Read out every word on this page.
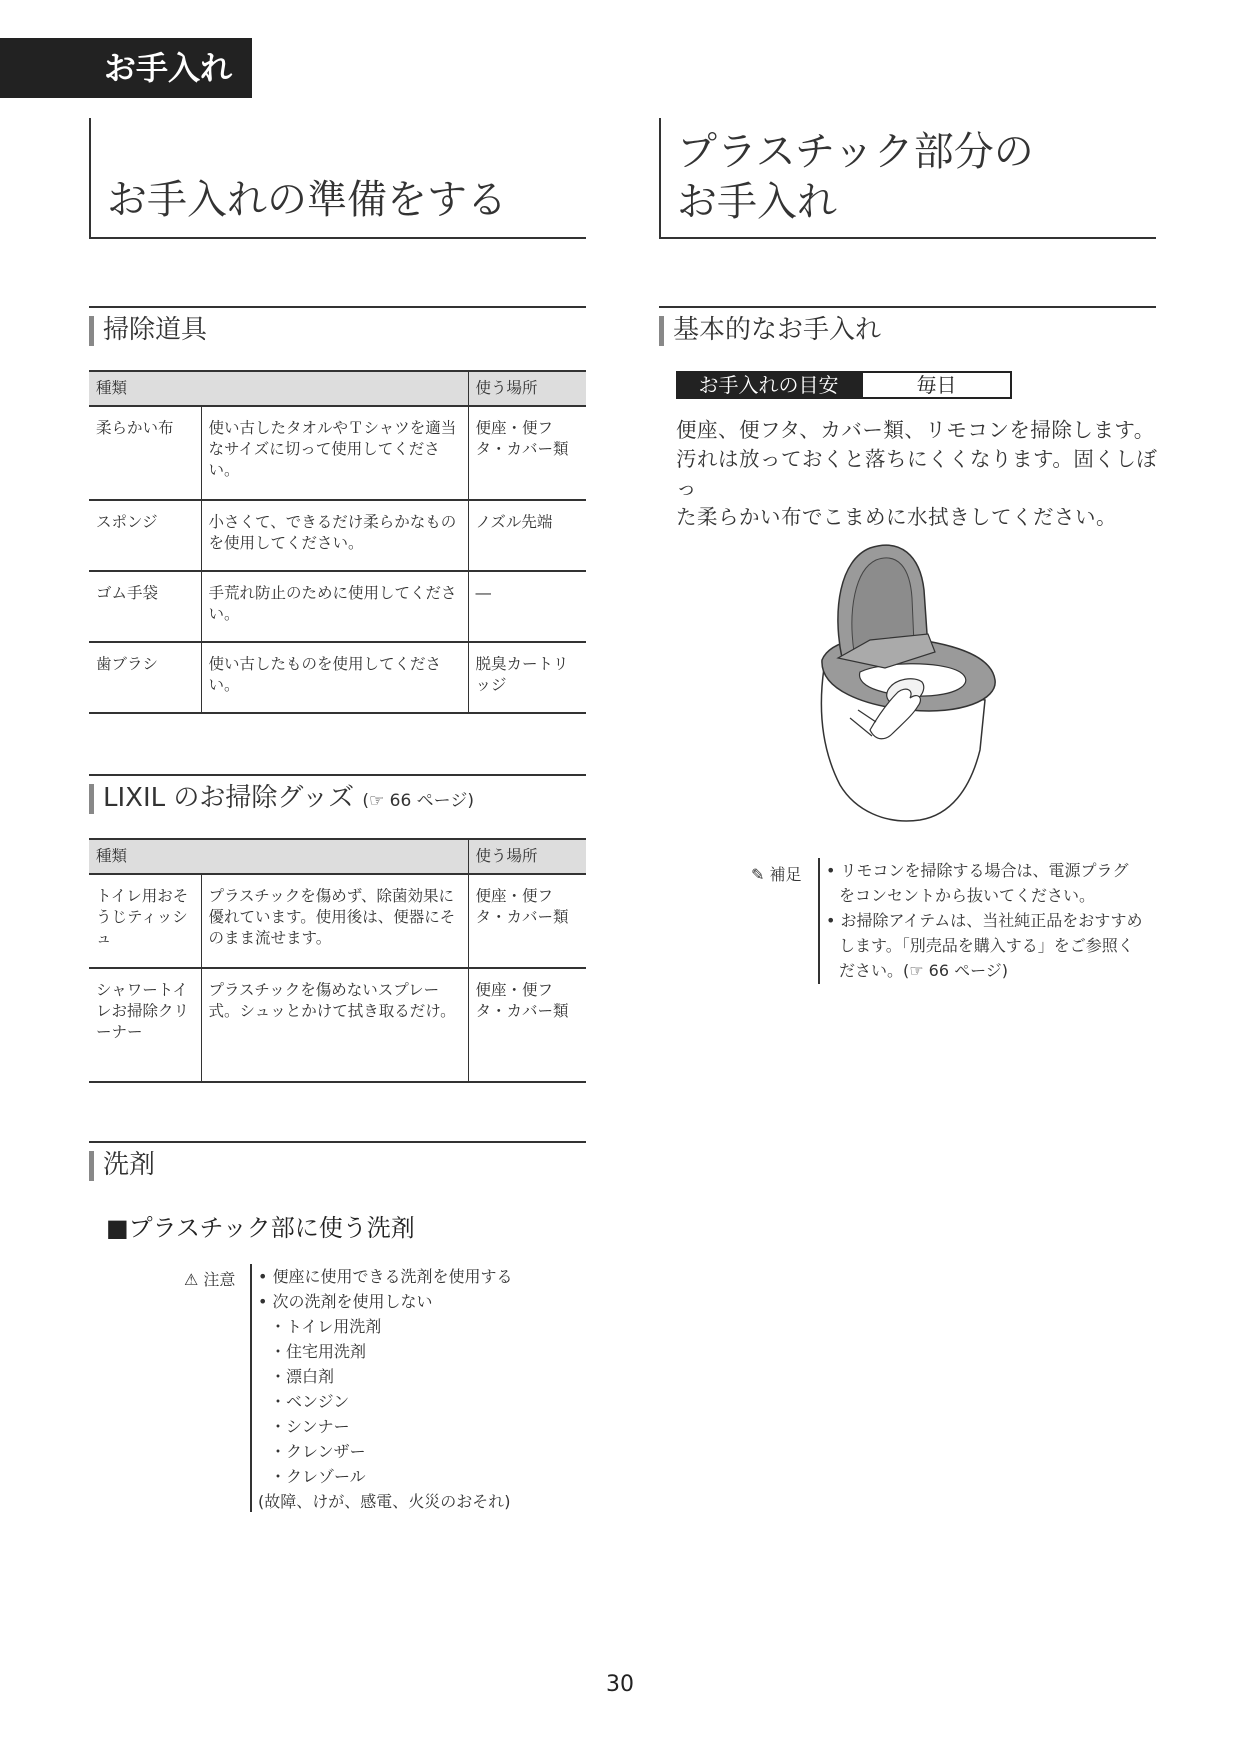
お手入れ
お手入れの準備をする
プラスチック部分の
お手入れ
掃除道具
種類		使う場所
柔らかい布	使い古したタオルやＴシャツを適当なサイズに切って使用してください。	便座・便フタ・カバー類
スポンジ	小さくて、できるだけ柔らかなものを使用してください。	ノズル先端
ゴム手袋	手荒れ防止のために使用してください。	―
歯ブラシ	使い古したものを使用してください。	脱臭カートリッジ
LIXIL のお掃除グッズ (☞ 66 ページ)
種類		使う場所
トイレ用おそうじティッシュ	プラスチックを傷めず、除菌効果に優れています。使用後は、便器にそのまま流せます。	便座・便フタ・カバー類
シャワートイレお掃除クリーナー	プラスチックを傷めないスプレー式。シュッとかけて拭き取るだけ。	便座・便フタ・カバー類
洗剤
■プラスチック部に使う洗剤
⚠ 注意 • 便座に使用できる洗剤を使用する
• 次の洗剤を使用しない
・トイレ用洗剤
・住宅用洗剤
・漂白剤
・ベンジン
・シンナー
・クレンザー
・クレゾール
(故障、けが、感電、火災のおそれ)
基本的なお手入れ
お手入れの目安	毎日
便座、便フタ、カバー類、リモコンを掃除します。
汚れは放っておくと落ちにくくなります。固くしぼっ
た柔らかい布でこまめに水拭きしてください。
✎ 補足 • リモコンを掃除する場合は、電源プラグ
をコンセントから抜いてください。
• お掃除アイテムは、当社純正品をおすすめ
します。「別売品を購入する」をご参照く
ださい。(☞ 66 ページ)
30
